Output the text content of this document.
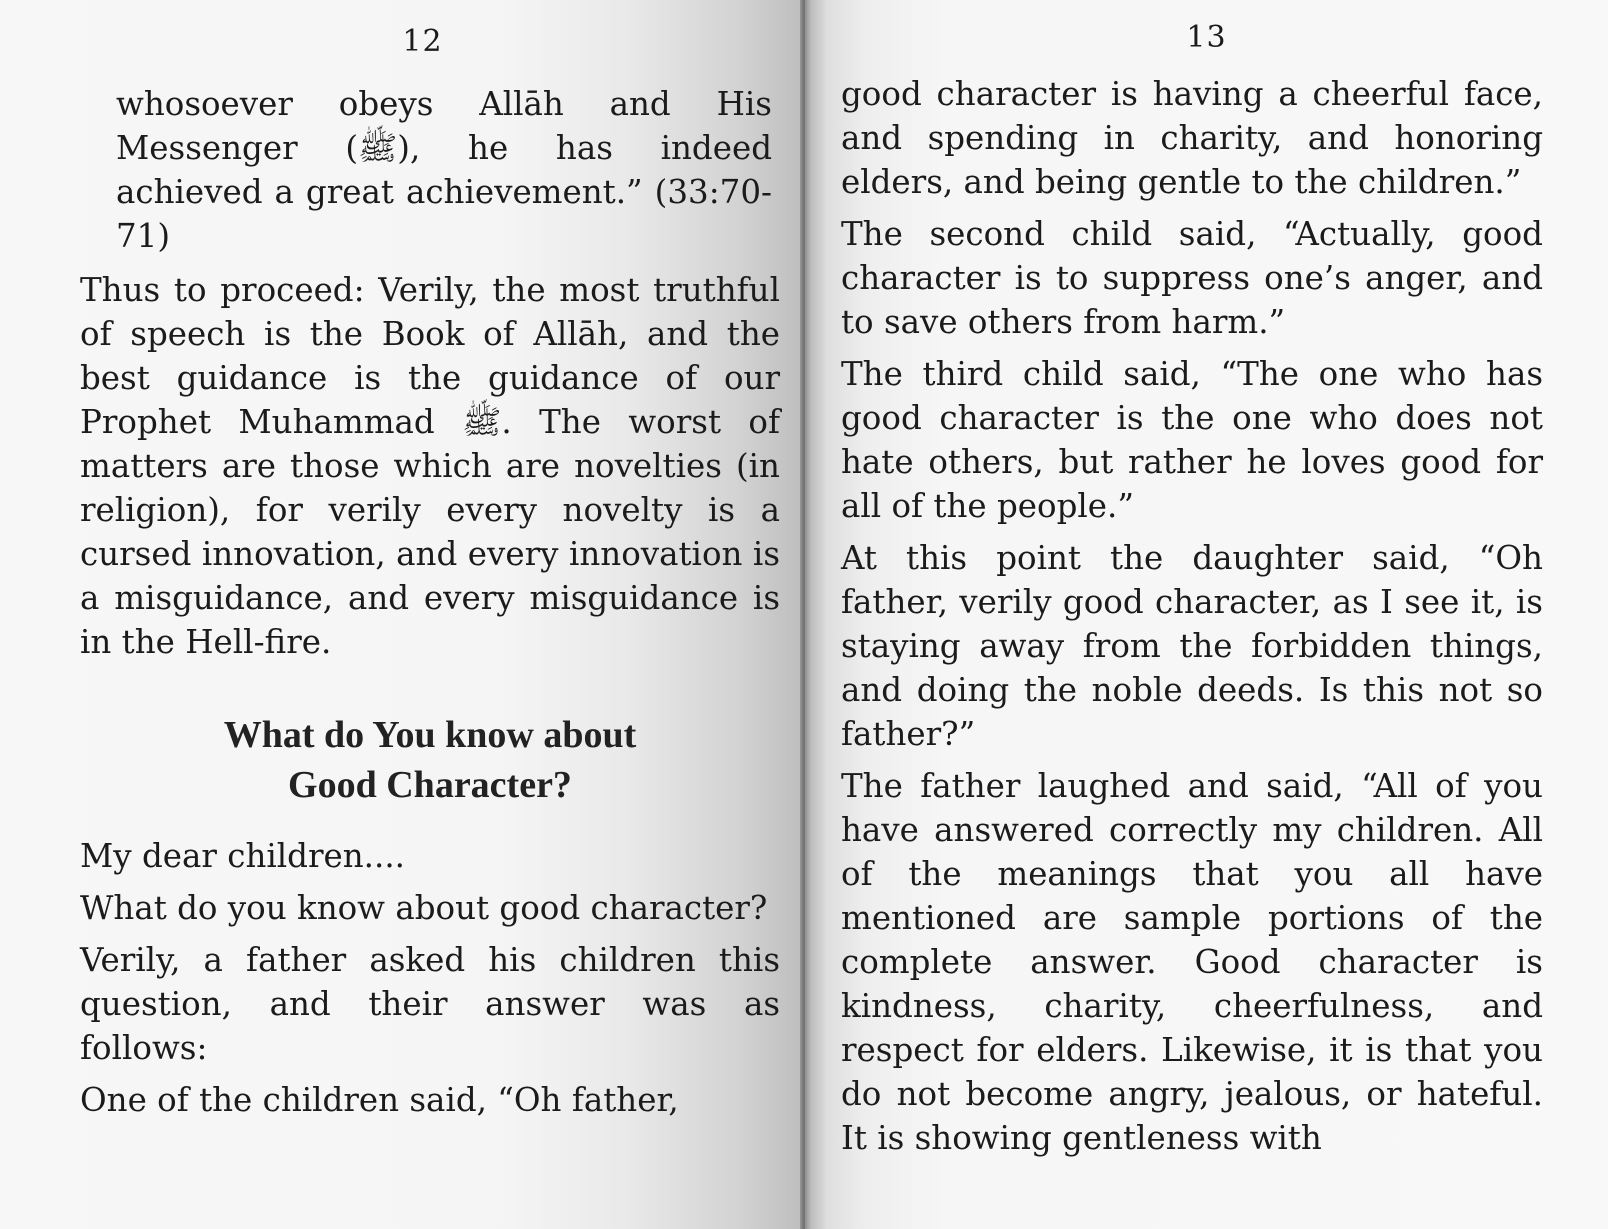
12

whosoever obeys Allāh and His Messenger (ﷺ), he has indeed achieved a great achievement.” (33:70-71)

Thus to proceed: Verily, the most truthful of speech is the Book of Allāh, and the best guidance is the guidance of our Prophet Muhammad ﷺ. The worst of matters are those which are novelties (in religion), for verily every novelty is a cursed innovation, and every innovation is a misguidance, and every misguidance is in the Hell-fire.

What do You know about
Good Character?

My dear children....

What do you know about good character?

Verily, a father asked his children this question, and their answer was as follows:

One of the children said, “Oh father,

13

good character is having a cheerful face, and spending in charity, and honoring elders, and being gentle to the children.”

The second child said, “Actually, good character is to suppress one’s anger, and to save others from harm.”

The third child said, “The one who has good character is the one who does not hate others, but rather he loves good for all of the people.”

At this point the daughter said, “Oh father, verily good character, as I see it, is staying away from the forbidden things, and doing the noble deeds. Is this not so father?”

The father laughed and said, “All of you have answered correctly my children. All of the meanings that you all have mentioned are sample portions of the complete answer. Good character is kindness, charity, cheerfulness, and respect for elders. Likewise, it is that you do not become angry, jealous, or hateful. It is showing gentleness with
